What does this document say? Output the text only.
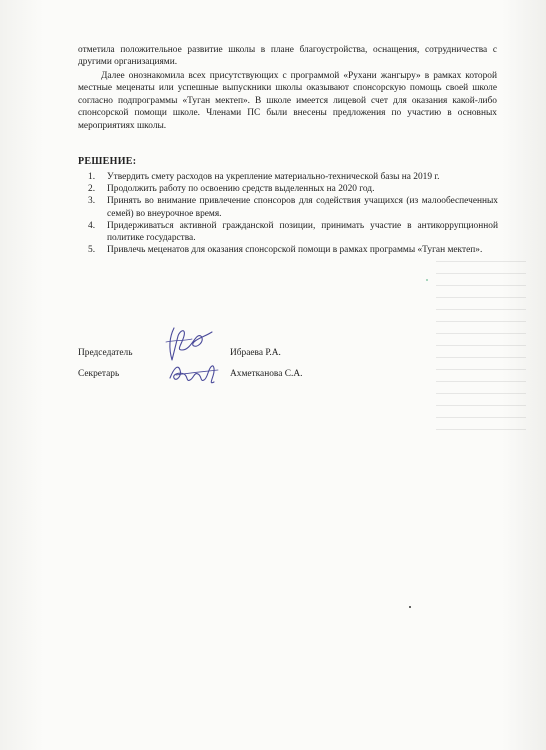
отметила положительное развитие школы в плане благоустройства, оснащения, сотрудничества с другими организациями.

Далее онознакомила всех присутствующих с программой «Рухани жангыру» в рамках которой местные меценаты или успешные выпускники школы оказывают спонсорскую помощь своей школе согласно подпрограммы «Туган мектеп». В школе имеется лицевой счет для оказания какой-либо спонсорской помощи школе. Членами ПС были внесены предложения по участию в основных мероприятиях школы.

РЕШЕНИЕ:
1. Утвердить смету расходов на укрепление материально-технической базы на 2019 г.
2. Продолжить работу по освоению средств выделенных на 2020 год.
3. Принять во внимание привлечение спонсоров для содействия учащихся (из малообеспеченных семей) во внеурочное время.
4. Придерживаться активной гражданской позиции, принимать участие в антикоррупционной политике государства.
5. Привлечь меценатов для оказания спонсорской помощи в рамках программы «Туган мектеп».
Председатель	Ибраева Р.А.
Секретарь	Ахметканова С.А.
